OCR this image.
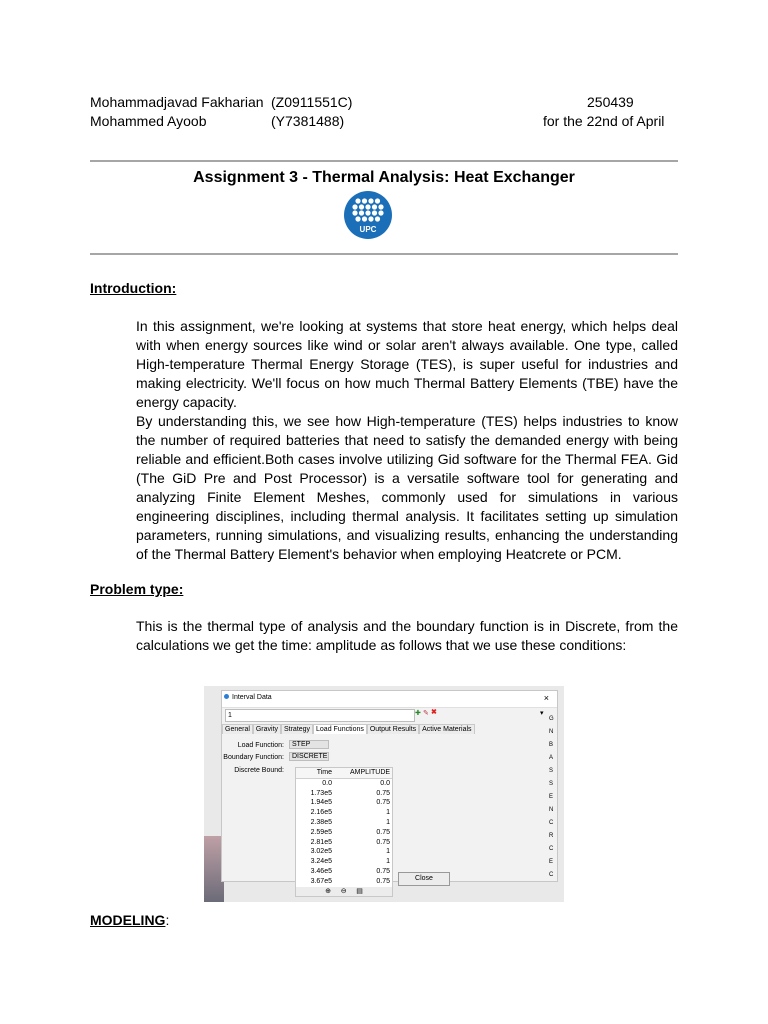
Mohammadjavad Fakharian (Z0911551C)	250439
Mohammed Ayoob	(Y7381488)	for the 22nd of April
Assignment 3 - Thermal Analysis: Heat Exchanger
UPC
Introduction:

In this assignment, we're looking at systems that store heat energy, which helps deal with when energy sources like wind or solar aren't always available. One type, called High-temperature Thermal Energy Storage (TES), is super useful for industries and making electricity. We'll focus on how much Thermal Battery Elements (TBE) have the energy capacity.

By understanding this, we see how High-temperature (TES) helps industries to know the number of required batteries that need to satisfy the demanded energy with being reliable and efficient.Both cases involve utilizing Gid software for the Thermal FEA. Gid (The GiD Pre and Post Processor) is a versatile software tool for generating and analyzing Finite Element Meshes, commonly used for simulations in various engineering disciplines, including thermal analysis. It facilitates setting up simulation parameters, running simulations, and visualizing results, enhancing the understanding of the Thermal Battery Element's behavior when employing Heatcrete or PCM.

Problem type:
This is the thermal type of analysis and the boundary function is in Discrete, from the calculations we get the time: amplitude as follows that we use these conditions:
Interval Data	×
1	✚ ✎ ✖	▾
General Gravity Strategy Load Functions Output Results Active Materials
Load Function:	STEP
Boundary Function:	DISCRETE
Discrete Bound:	Time	AMPLITUDE
0.0	0.0
1.73e5	0.75
1.94e5	0.75
2.16e5	1
2.38e5	1
2.59e5	0.75
2.81e5	0.75
3.02e5	1
3.24e5	1
3.46e5	0.75
3.67e5	0.75
⊕ ⊖ ▤
Close
G
N
B
A
S
S
E
N
C
R
C
E
C
MODELING:
